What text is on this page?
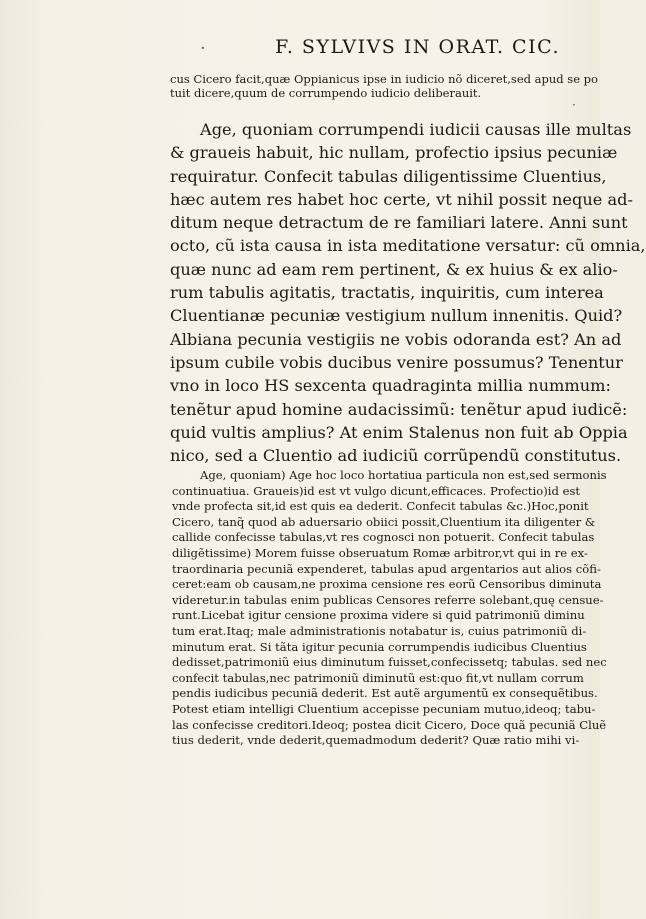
·	F. SYLVIVS IN ORAT. CIC.
cus Cicero facit,quæ Oppianicus ipse in iudicio nõ diceret,sed apud se po
tuit dicere,quum de corrumpendo iudicio deliberauit.
·
Age, quoniam corrumpendi iudicii causas ille multas
& graueis habuit, hic nullam, profectio ipsius pecuniæ
requiratur. Confecit tabulas diligentissime Cluentius,
hæc autem res habet hoc certe, vt nihil possit neque ad-
ditum neque detractum de re familiari latere. Anni sunt
octo, cũ ista causa in ista meditatione versatur: cũ omnia,
quæ nunc ad eam rem pertinent, & ex huius & ex alio-
rum tabulis agitatis, tractatis, inquiritis, cum interea
Cluentianæ pecuniæ vestigium nullum innenitis. Quid?
Albiana pecunia vestigiis ne vobis odoranda est? An ad
ipsum cubile vobis ducibus venire possumus? Tenentur
vno in loco HS sexcenta quadraginta millia nummum:
tenẽtur apud homine audacissimũ: tenẽtur apud iudicẽ:
quid vultis amplius? At enim Stalenus non fuit ab Oppia
nico, sed a Cluentio ad iudiciũ corrũpendũ constitutus.
Age, quoniam) Age hoc loco hortatiua particula non est,sed sermonis
continuatiua. Graueis)id est vt vulgo dicunt,efficaces. Profectio)id est
vnde profecta sit,id est quis ea dederit. Confecit tabulas &c.)Hoc,ponit
Cicero, tanq̃ quod ab aduersario obiici possit,Cluentium ita diligenter &
callide confecisse tabulas,vt res cognosci non potuerit. Confecit tabulas
diligẽtissime) Morem fuisse obseruatum Romæ arbitror,vt qui in re ex-
traordinaria pecuniã expenderet, tabulas apud argentarios aut alios cõfi-
ceret:eam ob causam,ne proxima censione res eorũ Censoribus diminuta
videretur.in tabulas enim publicas Censores referre solebant,quę censue-
runt.Licebat igitur censione proxima videre si quid patrimoniũ diminu
tum erat.Itaq; male administrationis notabatur is, cuius patrimoniũ di-
minutum erat. Si tãta igitur pecunia corrumpendis iudicibus Cluentius
dedisset,patrimoniũ eius diminutum fuisset,confecissetq; tabulas. sed nec
confecit tabulas,nec patrimoniũ diminutũ est:quo fit,vt nullam corrum
pendis iudicibus pecuniã dederit. Est autẽ argumentũ ex consequẽtibus.
Potest etiam intelligi Cluentium accepisse pecuniam mutuo,ideoq; tabu-
las confecisse creditori.Ideoq; postea dicit Cicero, Doce quã pecuniã Cluẽ
tius dederit, vnde dederit,quemadmodum dederit? Quæ ratio mihi vi-
